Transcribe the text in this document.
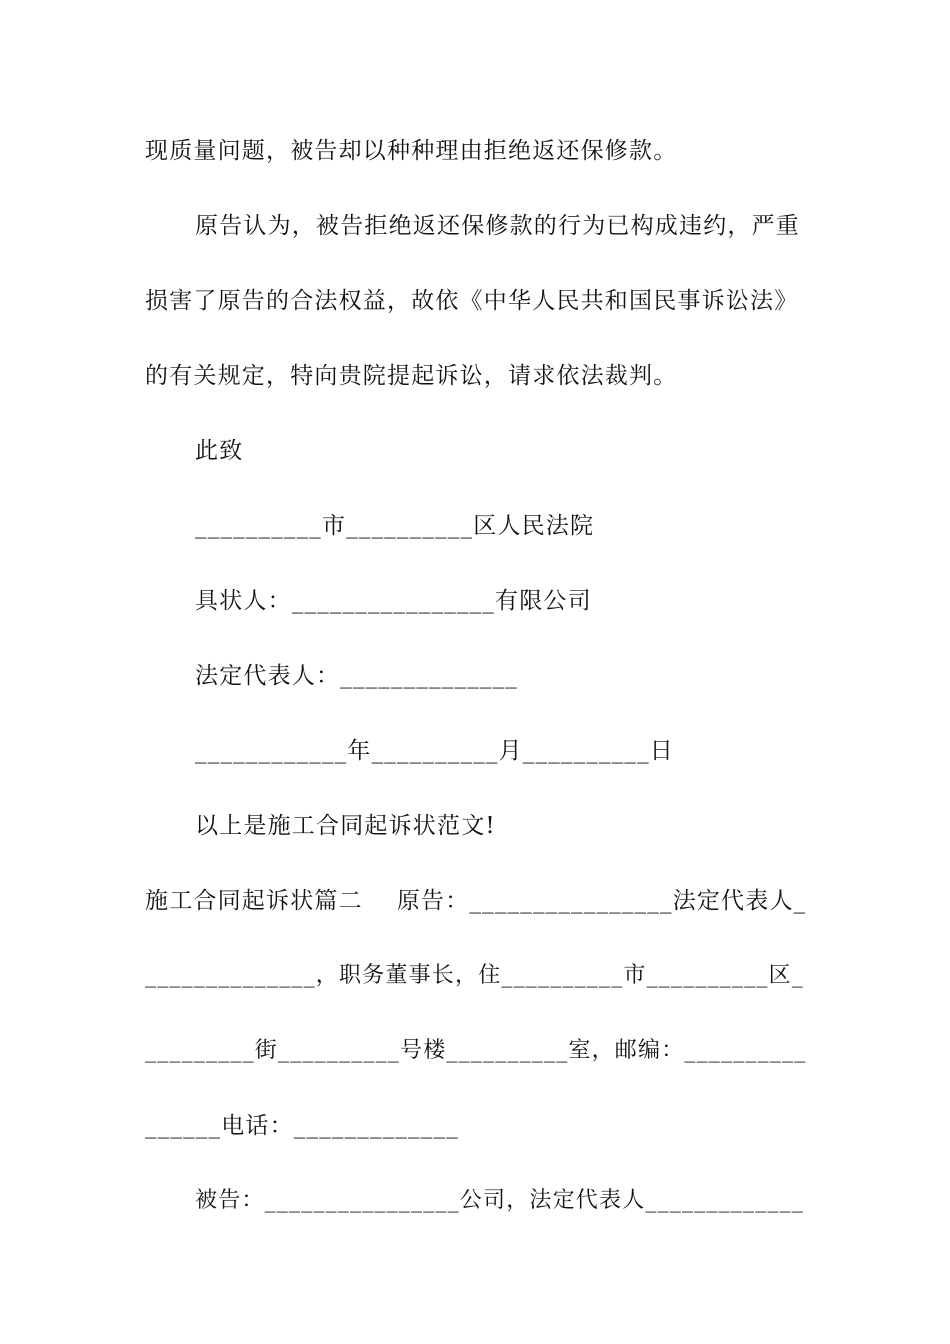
现质量问题，被告却以种种理由拒绝返还保修款。
原告认为，被告拒绝返还保修款的行为已构成违约，严重
损害了原告的合法权益，故依《中华人民共和国民事诉讼法》
的有关规定，特向贵院提起诉讼，请求依法裁判。
此致
__________市__________区人民法院
具状人：________________有限公司
法定代表人：______________
____________年__________月__________日
以上是施工合同起诉状范文!
施工合同起诉状篇二    原告：________________法定代表人_
______________，职务董事长，住__________市__________区_
_________街__________号楼__________室，邮编：__________
______电话：_____________
被告：________________公司，法定代表人_____________
